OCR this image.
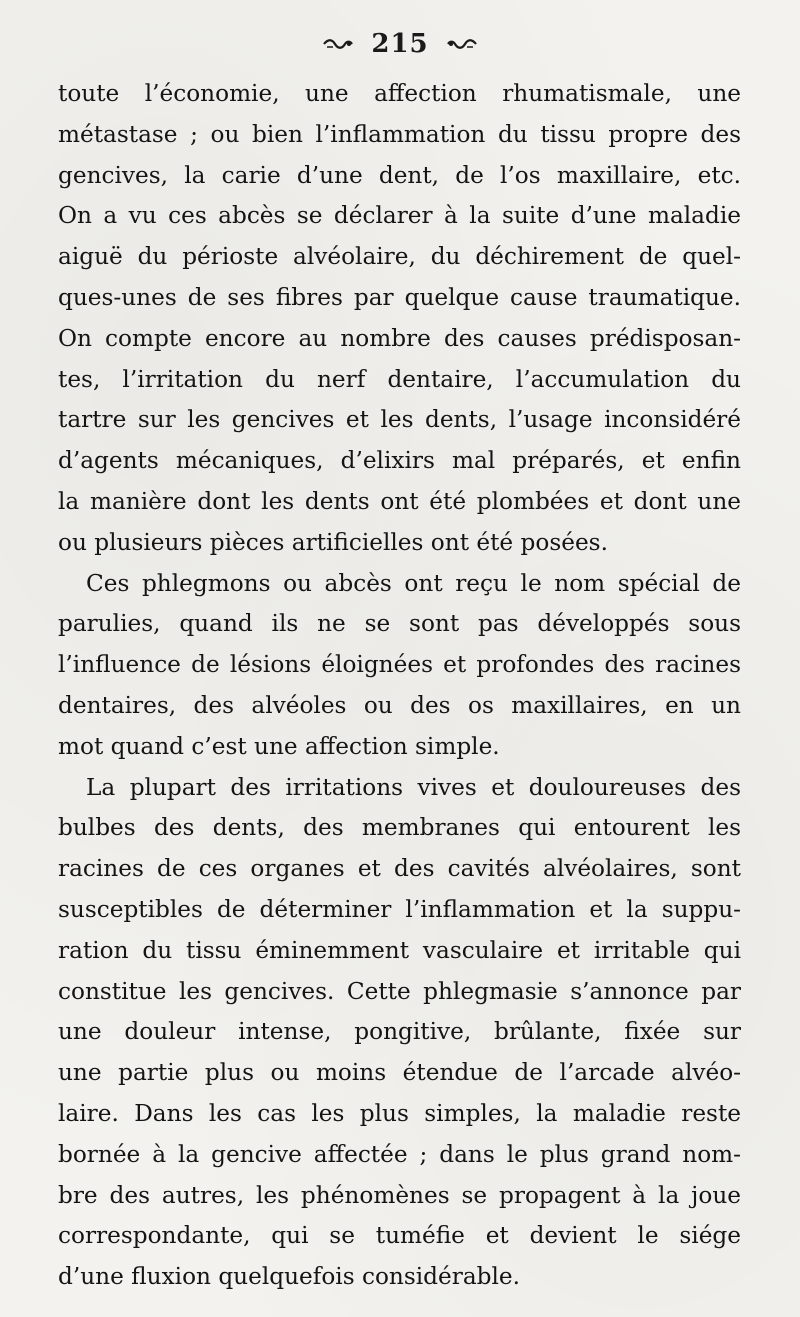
215
toute l’économie, une affection rhumatismale, une
métastase ; ou bien l’inflammation du tissu propre des
gencives, la carie d’une dent, de l’os maxillaire, etc.
On a vu ces abcès se déclarer à la suite d’une maladie
aiguë du périoste alvéolaire, du déchirement de quel-
ques-unes de ses fibres par quelque cause traumatique.
On compte encore au nombre des causes prédisposan-
tes, l’irritation du nerf dentaire, l’accumulation du
tartre sur les gencives et les dents, l’usage inconsidéré
d’agents mécaniques, d’elixirs mal préparés, et enfin
la manière dont les dents ont été plombées et dont une
ou plusieurs pièces artificielles ont été posées.
Ces phlegmons ou abcès ont reçu le nom spécial de
parulies, quand ils ne se sont pas développés sous
l’influence de lésions éloignées et profondes des racines
dentaires, des alvéoles ou des os maxillaires, en un
mot quand c’est une affection simple.
La plupart des irritations vives et douloureuses des
bulbes des dents, des membranes qui entourent les
racines de ces organes et des cavités alvéolaires, sont
susceptibles de déterminer l’inflammation et la suppu-
ration du tissu éminemment vasculaire et irritable qui
constitue les gencives. Cette phlegmasie s’annonce par
une douleur intense, pongitive, brûlante, fixée sur
une partie plus ou moins étendue de l’arcade alvéo-
laire. Dans les cas les plus simples, la maladie reste
bornée à la gencive affectée ; dans le plus grand nom-
bre des autres, les phénomènes se propagent à la joue
correspondante, qui se tuméfie et devient le siége
d’une fluxion quelquefois considérable.
